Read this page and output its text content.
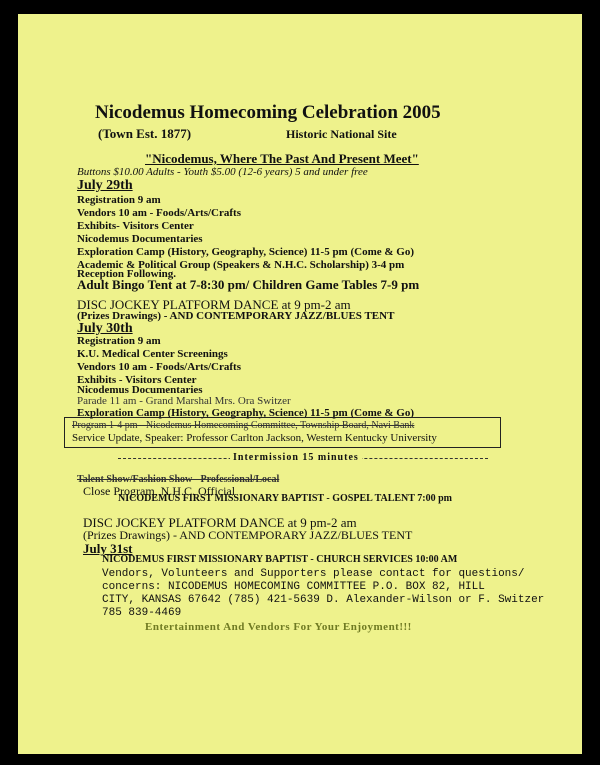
Nicodemus Homecoming Celebration 2005
(Town Est. 1877)	Historic National Site
"Nicodemus, Where The Past And Present Meet"
Buttons $10.00 Adults - Youth $5.00 (12-6 years) 5 and under free
July 29th
Registration 9 am
Vendors 10 am - Foods/Arts/Crafts
Exhibits- Visitors Center
Nicodemus Documentaries
Exploration Camp (History, Geography, Science) 11-5 pm (Come & Go)
Academic & Political Group (Speakers & N.H.C. Scholarship) 3-4 pm
Reception Following.
Adult Bingo Tent at 7-8:30 pm/ Children Game Tables 7-9 pm
DISC JOCKEY PLATFORM DANCE at 9 pm-2 am
(Prizes Drawings) - AND CONTEMPORARY JAZZ/BLUES TENT
July 30th
Registration 9 am
K.U. Medical Center Screenings
Vendors 10 am - Foods/Arts/Crafts
Exhibits - Visitors Center
Nicodemus Documentaries
Parade 11 am - Grand Marshal Mrs. Ora Switzer
Exploration Camp (History, Geography, Science) 11-5 pm (Come & Go)
Program 1-4 pm - Nicodemus Homecoming Committee, Township Board, Navi Bank
Service Update, Speaker: Professor Carlton Jackson, Western Kentucky University
Intermission 15 minutes
Talent Show/Fashion Show - Professional/Local
Close Program, N.H.C. Official
NICODEMUS FIRST MISSIONARY BAPTIST - GOSPEL TALENT 7:00 pm
DISC JOCKEY PLATFORM DANCE at 9 pm-2 am
(Prizes Drawings) - AND CONTEMPORARY JAZZ/BLUES TENT
July 31st
NICODEMUS FIRST MISSIONARY BAPTIST - CHURCH SERVICES 10:00 AM
Vendors, Volunteers and Supporters please contact for questions/
concerns: NICODEMUS HOMECOMING COMMITTEE P.O. BOX 82, HILL
CITY, KANSAS 67642 (785) 421-5639 D. Alexander-Wilson or F. Switzer
785 839-4469
Entertainment And Vendors For Your Enjoyment!!!
